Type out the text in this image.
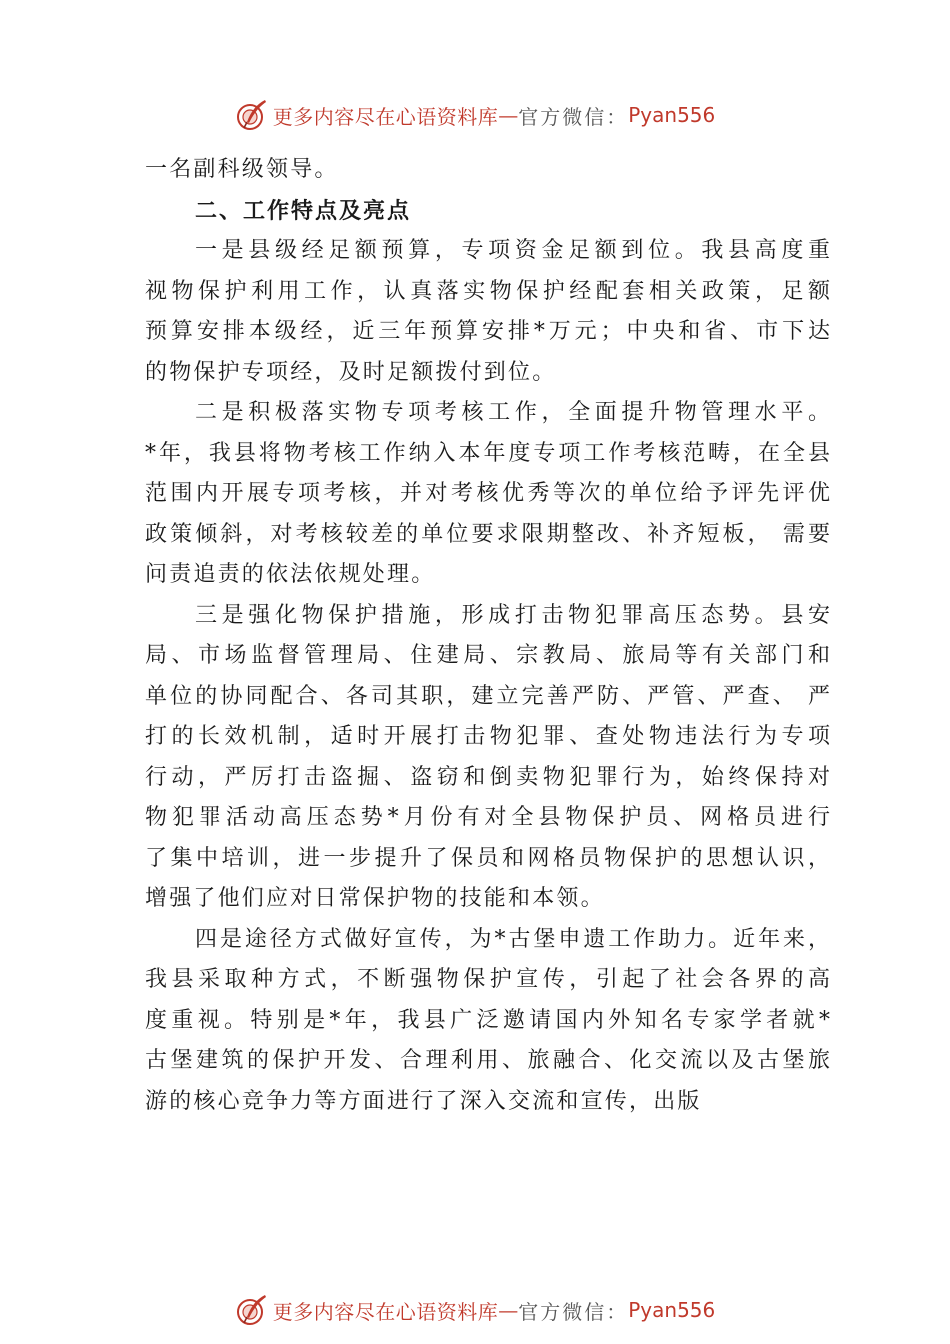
更多内容尽在心语资料库 — 官方微信： Pyan556
一名副科级领导。
二、工作特点及亮点
一是县级经足额预算，专项资金足额到位。我县高度重
视物保护利用工作，认真落实物保护经配套相关政策，足额
预算安排本级经，近三年预算安排*万元；中央和省、市下达
的物保护专项经，及时足额拨付到位。
二是积极落实物专项考核工作，全面提升物管理水平。
*年，我县将物考核工作纳入本年度专项工作考核范畴，在全县
范围内开展专项考核，并对考核优秀等次的单位给予评先评优
政策倾斜，对考核较差的单位要求限期整改、补齐短板， 需要
问责追责的依法依规处理。
三是强化物保护措施，形成打击物犯罪高压态势。县安
局、市场监督管理局、住建局、宗教局、旅局等有关部门和
单位的协同配合、各司其职，建立完善严防、严管、严查、 严
打的长效机制，适时开展打击物犯罪、查处物违法行为专项
行动，严厉打击盗掘、盗窃和倒卖物犯罪行为，始终保持对
物犯罪活动高压态势*月份有对全县物保护员、网格员进行
了集中培训，进一步提升了保员和网格员物保护的思想认识，
增强了他们应对日常保护物的技能和本领。
四是途径方式做好宣传，为*古堡申遗工作助力。近年来，
我县采取种方式，不断强物保护宣传，引起了社会各界的高
度重视。特别是*年，我县广泛邀请国内外知名专家学者就*
古堡建筑的保护开发、合理利用、旅融合、化交流以及古堡旅
游的核心竞争力等方面进行了深入交流和宣传，出版
更多内容尽在心语资料库 — 官方微信： Pyan556
